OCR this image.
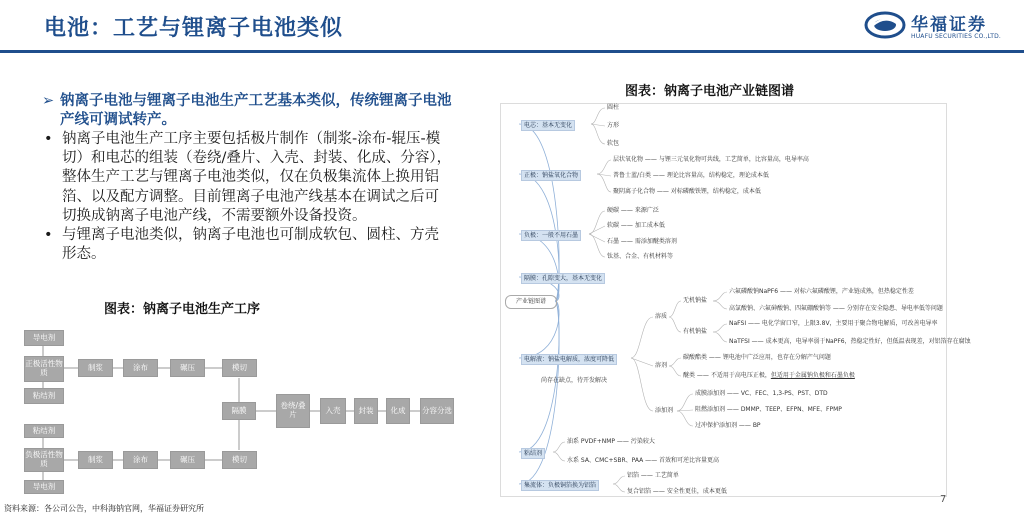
电池：工艺与锂离子电池类似	华福证券
HUAFU SECURITIES CO.,LTD.
➢ 钠离子电池与锂离子电池生产工艺基本类似，传统锂离子电池产线可调试转产。
• 钠离子电池生产工序主要包括极片制作（制浆-涂布-辊压-模切）和电芯的组装（卷绕/叠片、入壳、封装、化成、分容），整体生产工艺与锂离子电池类似，仅在负极集流体上换用铝箔、以及配方调整。目前锂离子电池产线基本在调试之后可切换成钠离子电池产线，不需要额外设备投资。
• 与锂离子电池类似，钠离子电池也可制成软包、圆柱、方壳形态。
图表：钠离子电池生产工序
导电剂
正极活性物质
粘结剂
制浆	涂布	碾压	模切
隔膜	卷绕/叠片	入壳	封装	化成	分容分选
粘结剂
负极活性物质	制浆	涂布	碾压	模切
导电剂
资料来源：各公司公告，中科海钠官网，华福证券研究所
图表：钠离子电池产业链图谱
产业链图谱
电芯：基本无变化
圆柱
方形
软包
正极：钠盐氧化合物
层状氧化物 —— 与锂三元氧化物可共线，工艺简单，比容量高，电导率高
普鲁士蓝/白类 —— 理论比容量高，结构稳定，理论成本低
聚阴离子化合物 —— 对标磷酸铁锂，结构稳定，成本低
负极：一般不用石墨
硬碳 —— 来源广泛
软碳 —— 加工成本低
石墨 —— 需添加醚类溶剂
钛基、合金、有机材料等
隔膜：孔隙变大，基本无变化
电解液：钠盐电解质，浓度可降低
尚存在缺点，待开发解决
溶质
无机钠盐
有机钠盐
六氟磷酸钠NaPF6 —— 对标六氟磷酸锂，产业链成熟，但热稳定性差
高氯酸钠、六氟砷酸钠、四氟硼酸钠等 —— 分别存在安全隐患、导电率低等问题
NaFSI —— 电化学窗口窄，上限3.8V，主要用于聚合物电解质，可改善电导率
NaTFSI —— 成本更高，电导率弱于NaPF6，热稳定性好，但低温表现差，对铝箔存在腐蚀
溶剂
碳酸酯类 —— 锂电池中广泛应用，也存在分解产气问题
醚类 —— 不适用于高电压正极，但适用于金属钠负极和石墨负极
添加剂
成膜添加剂 —— VC、FEC、1,3-PS、PST、DTD
阻燃添加剂 —— DMMP、TEEP、EFPN、MFE、FPMP
过冲保护添加剂 —— BP
粘结剂
油系 PVDF+NMP —— 污染较大
水系 SA、CMC+SBR、PAA —— 首效和可逆比容量更高
集流体：负极铜箔换为铝箔
铝箔 —— 工艺简单
复合铝箔 —— 安全性更佳，成本更低
7
